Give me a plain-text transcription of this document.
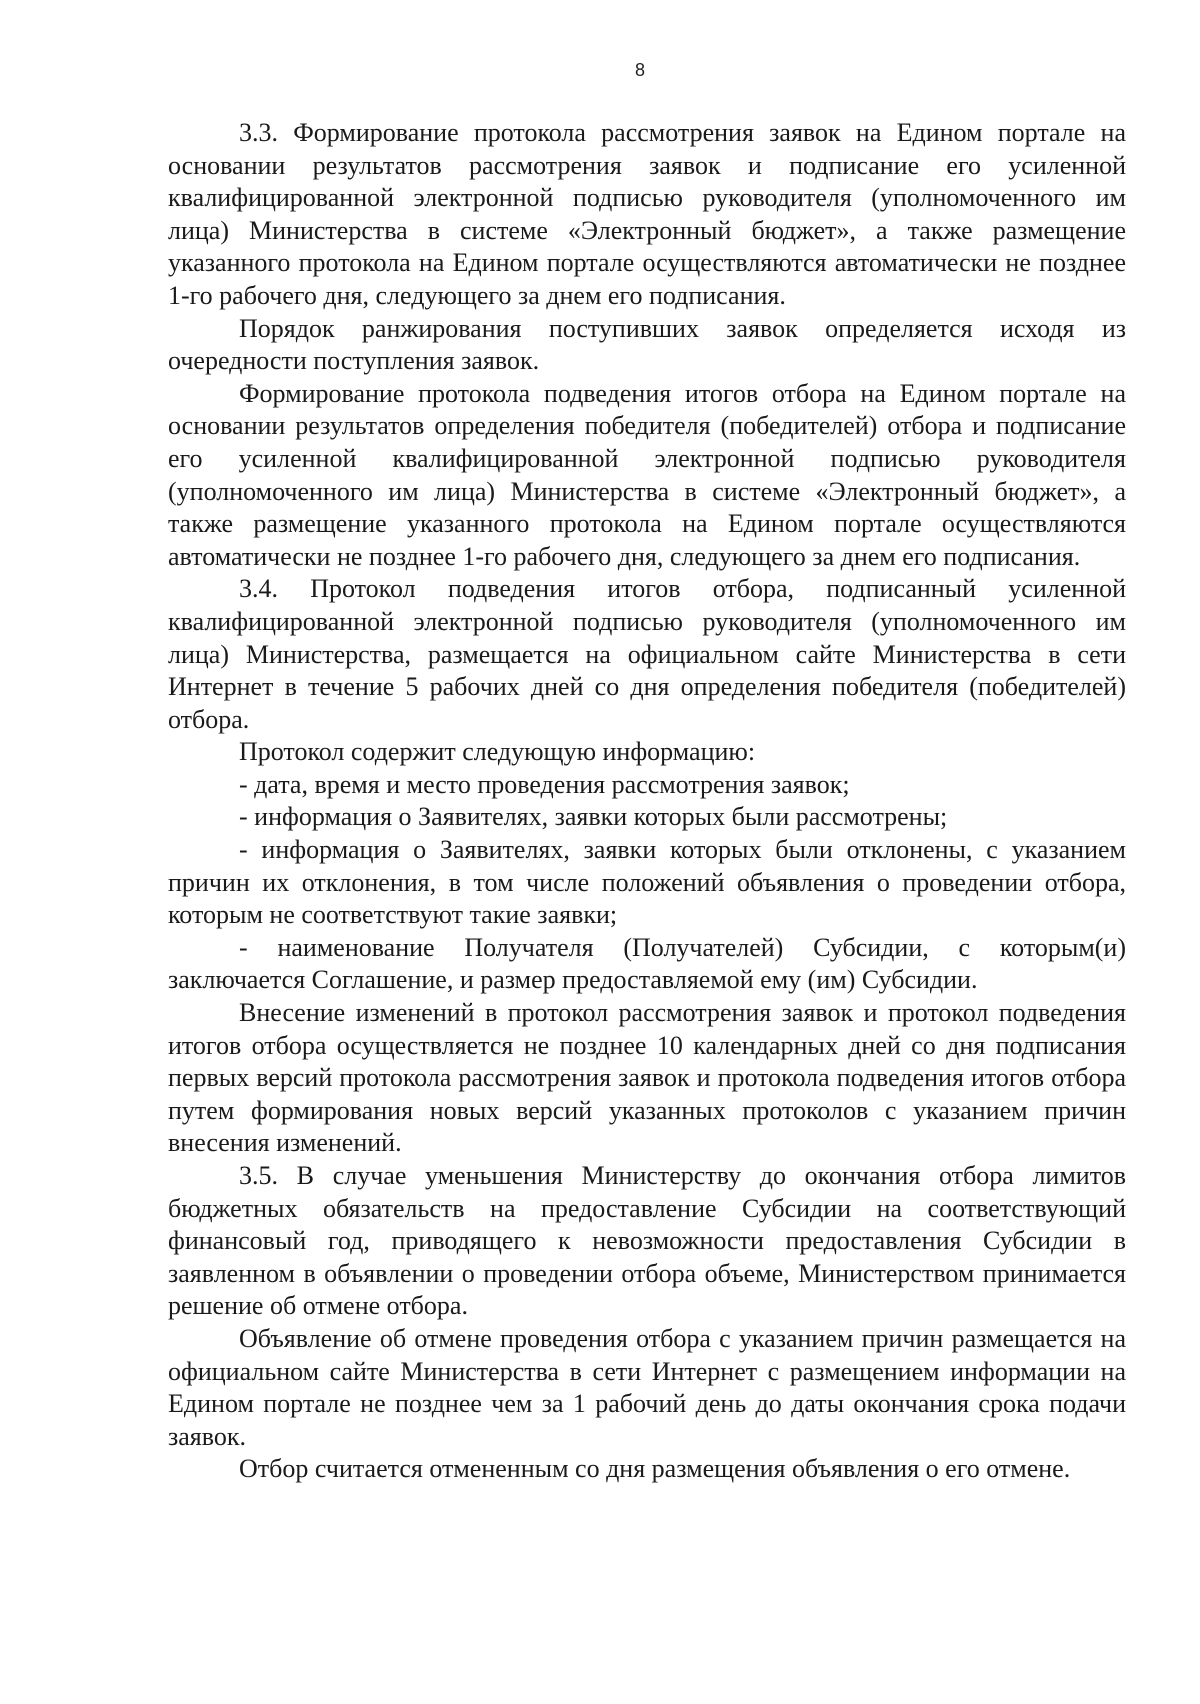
8

3.3. Формирование протокола рассмотрения заявок на Едином портале на основании результатов рассмотрения заявок и подписание его усиленной квалифицированной электронной подписью руководителя (уполномоченного им лица) Министерства в системе «Электронный бюджет», а также размещение указанного протокола на Едином портале осуществляются автоматически не позднее 1-го рабочего дня, следующего за днем его подписания.

Порядок ранжирования поступивших заявок определяется исходя из очередности поступления заявок.

Формирование протокола подведения итогов отбора на Едином портале на основании результатов определения победителя (победителей) отбора и подписание его усиленной квалифицированной электронной подписью руководителя (уполномоченного им лица) Министерства в системе «Электронный бюджет», а также размещение указанного протокола на Едином портале осуществляются автоматически не позднее 1-го рабочего дня, следующего за днем его подписания.

3.4. Протокол подведения итогов отбора, подписанный усиленной квалифицированной электронной подписью руководителя (уполномоченного им лица) Министерства, размещается на официальном сайте Министерства в сети Интернет в течение 5 рабочих дней со дня определения победителя (победителей) отбора.

Протокол содержит следующую информацию:

- дата, время и место проведения рассмотрения заявок;

- информация о Заявителях, заявки которых были рассмотрены;

- информация о Заявителях, заявки которых были отклонены, с указанием причин их отклонения, в том числе положений объявления о проведении отбора, которым не соответствуют такие заявки;

- наименование Получателя (Получателей) Субсидии, с которым(и) заключается Соглашение, и размер предоставляемой ему (им) Субсидии.

Внесение изменений в протокол рассмотрения заявок и протокол подведения итогов отбора осуществляется не позднее 10 календарных дней со дня подписания первых версий протокола рассмотрения заявок и протокола подведения итогов отбора путем формирования новых версий указанных протоколов с указанием причин внесения изменений.

3.5. В случае уменьшения Министерству до окончания отбора лимитов бюджетных обязательств на предоставление Субсидии на соответствующий финансовый год, приводящего к невозможности предоставления Субсидии в заявленном в объявлении о проведении отбора объеме, Министерством принимается решение об отмене отбора.

Объявление об отмене проведения отбора с указанием причин размещается на официальном сайте Министерства в сети Интернет с размещением информации на Едином портале не позднее чем за 1 рабочий день до даты окончания срока подачи заявок.

Отбор считается отмененным со дня размещения объявления о его отмене.
